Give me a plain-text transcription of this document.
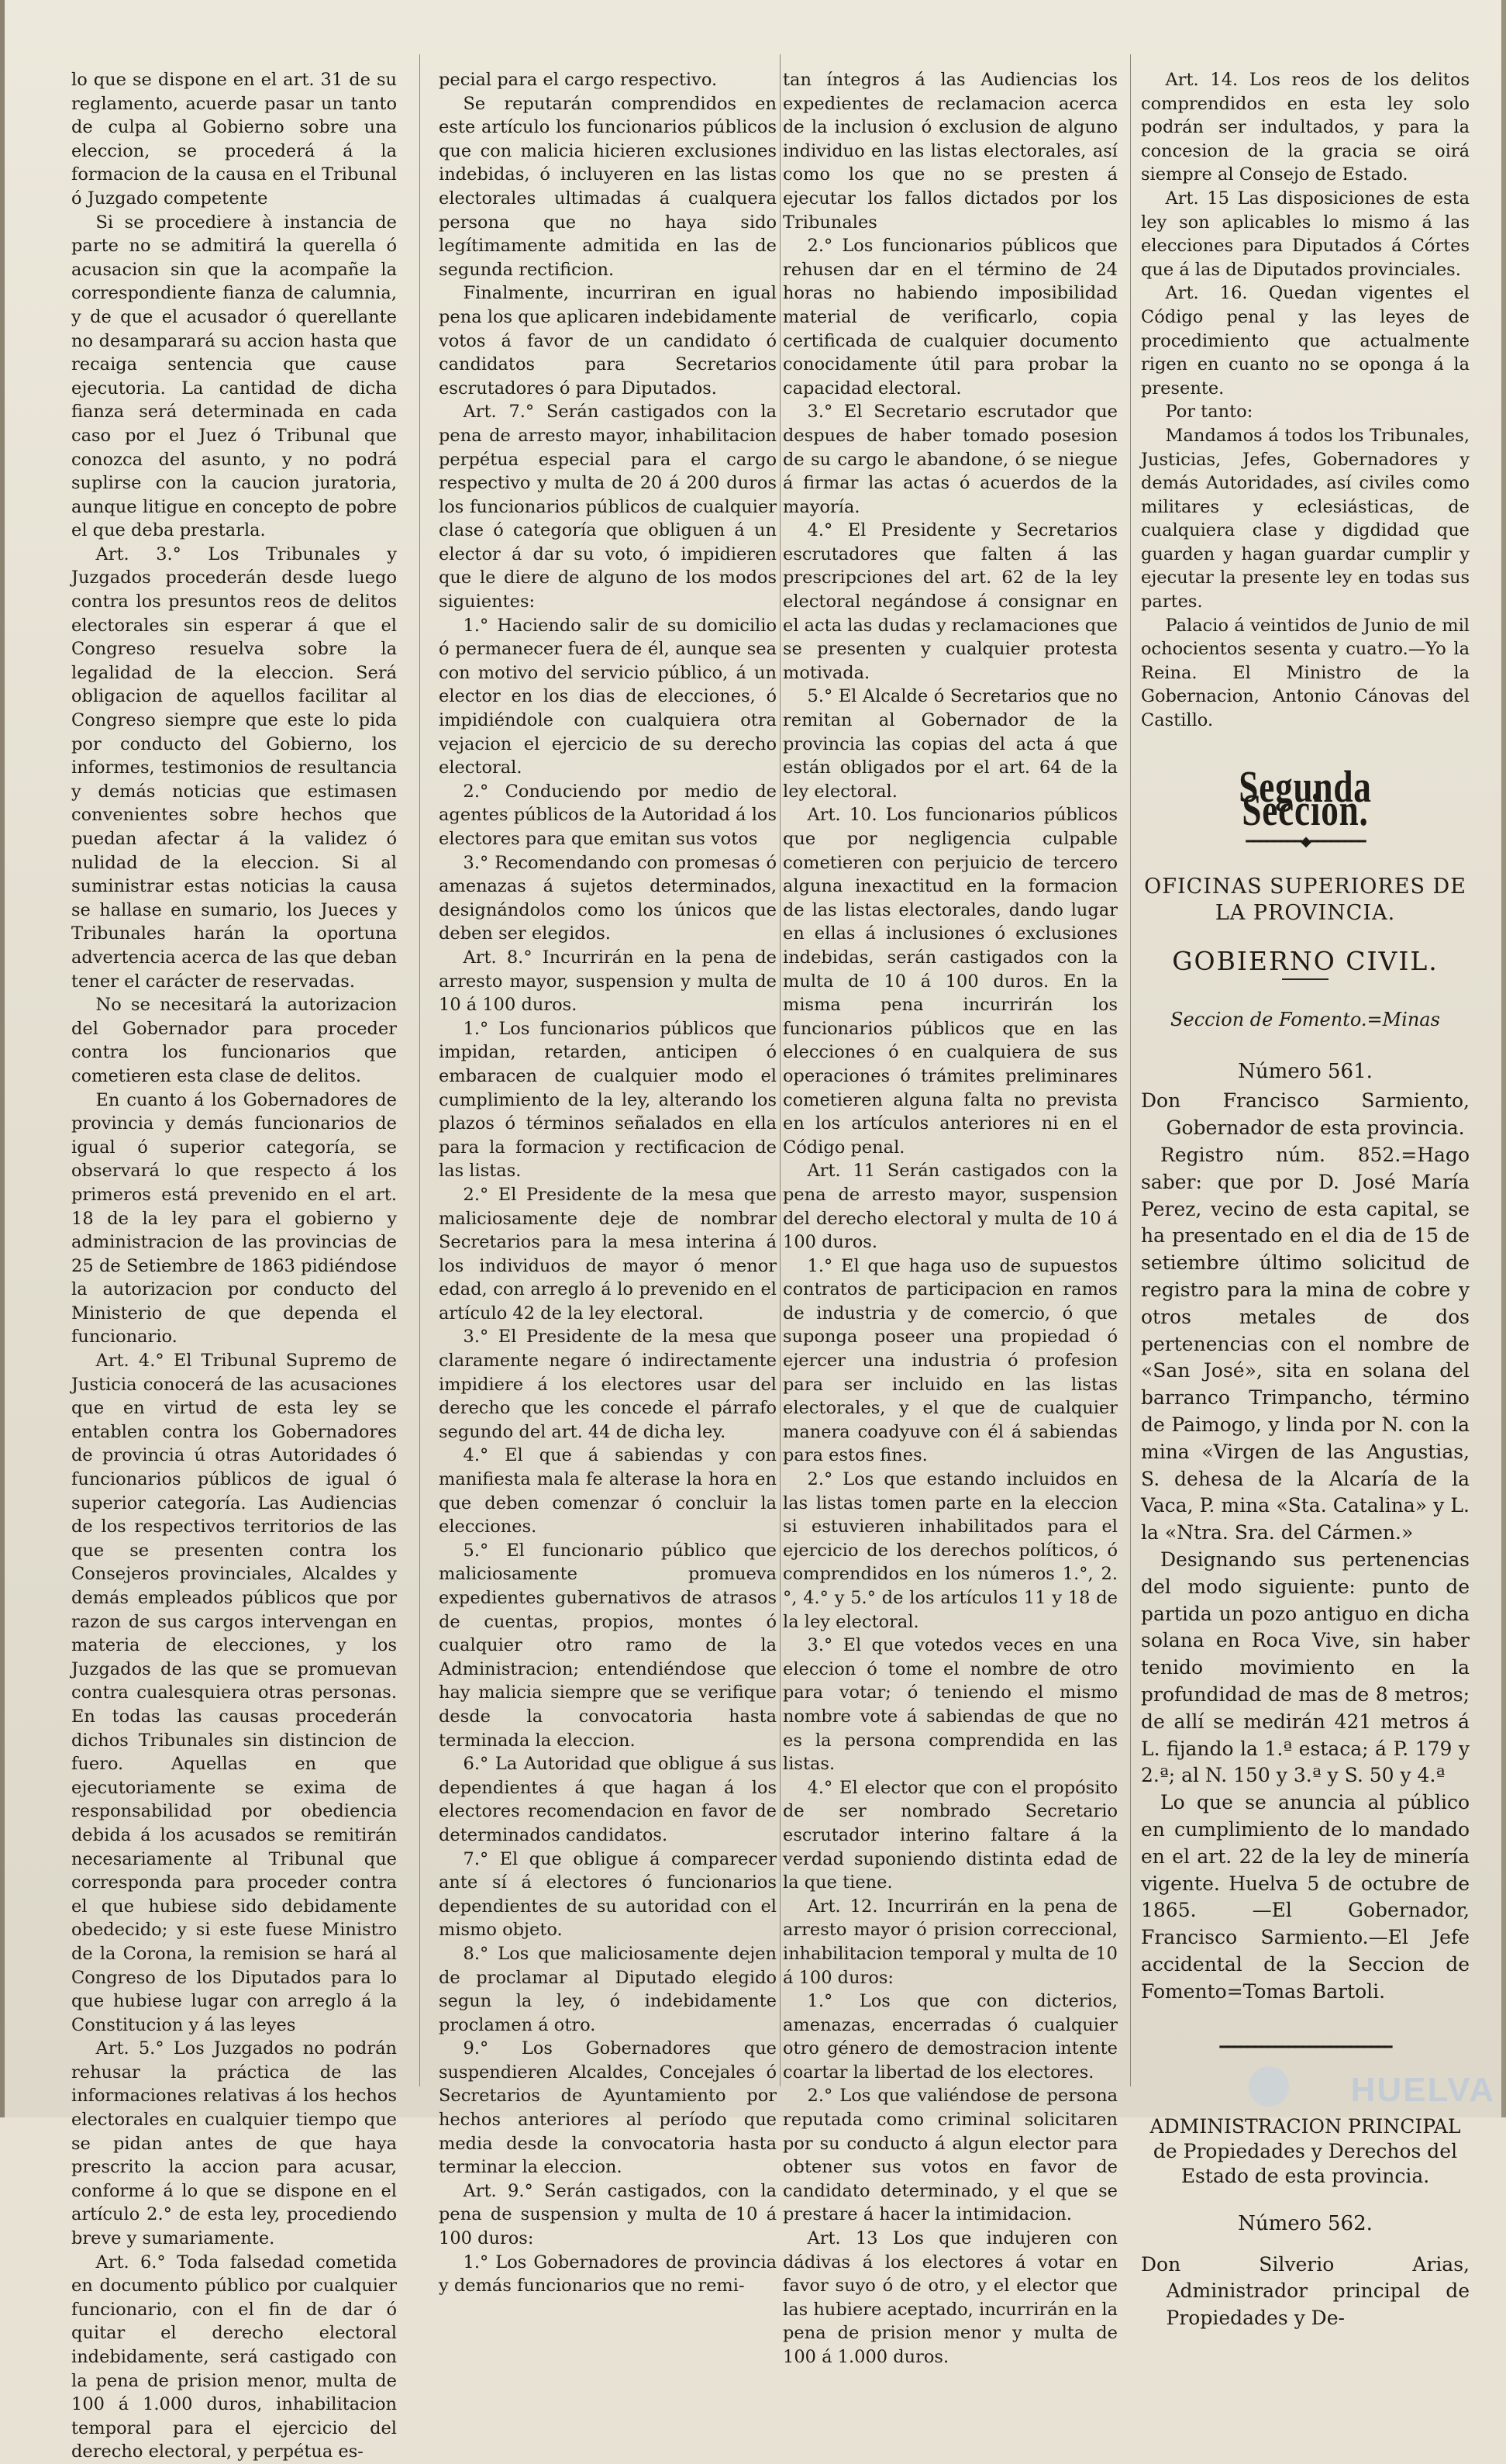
lo que se dispone en el art. 31 de su reglamento, acuerde pasar un tanto de culpa al Gobierno sobre una eleccion, se procederá á la formacion de la causa en el Tribunal ó Juzgado competente

Si se procediere à instancia de parte no se admitirá la querella ó acusacion sin que la acompañe la correspondiente fianza de calumnia, y de que el acusador ó querellante no desamparará su accion hasta que recaiga sentencia que cause ejecutoria. La cantidad de dicha fianza será determinada en cada caso por el Juez ó Tribunal que conozca del asunto, y no podrá suplirse con la caucion juratoria, aunque litigue en concepto de pobre el que deba prestarla.

Art. 3.° Los Tribunales y Juzgados procederán desde luego contra los presuntos reos de delitos electorales sin esperar á que el Congreso resuelva sobre la legalidad de la eleccion. Será obligacion de aquellos facilitar al Congreso siempre que este lo pida por conducto del Gobierno, los informes, testimonios de resultancia y demás noticias que estimasen convenientes sobre hechos que puedan afectar á la validez ó nulidad de la eleccion. Si al suministrar estas noticias la causa se hallase en sumario, los Jueces y Tribunales harán la oportuna advertencia acerca de las que deban tener el carácter de reservadas.

No se necesitará la autorizacion del Gobernador para proceder contra los funcionarios que cometieren esta clase de delitos.

En cuanto á los Gobernadores de provincia y demás funcionarios de igual ó superior categoría, se observará lo que respecto á los primeros está prevenido en el art. 18 de la ley para el gobierno y administracion de las provincias de 25 de Setiembre de 1863 pidiéndose la autorizacion por conducto del Ministerio de que dependa el funcionario.

Art. 4.° El Tribunal Supremo de Justicia conocerá de las acusaciones que en virtud de esta ley se entablen contra los Gobernadores de provincia ú otras Autoridades ó funcionarios públicos de igual ó superior categoría. Las Audiencias de los respectivos territorios de las que se presenten contra los Consejeros provinciales, Alcaldes y demás empleados públicos que por razon de sus cargos intervengan en materia de elecciones, y los Juzgados de las que se promuevan contra cualesquiera otras personas. En todas las causas procederán dichos Tribunales sin distincion de fuero. Aquellas en que ejecutoriamente se exima de responsabilidad por obediencia debida á los acusados se remitirán necesariamente al Tribunal que corresponda para proceder contra el que hubiese sido debidamente obedecido; y si este fuese Ministro de la Corona, la remision se hará al Congreso de los Diputados para lo que hubiese lugar con arreglo á la Constitucion y á las leyes

Art. 5.° Los Juzgados no podrán rehusar la práctica de las informaciones relativas á los hechos electorales en cualquier tiempo que se pidan antes de que haya prescrito la accion para acusar, conforme á lo que se dispone en el artículo 2.° de esta ley, procediendo breve y sumariamente.

Art. 6.° Toda falsedad cometida en documento público por cualquier funcionario, con el fin de dar ó quitar el derecho electoral indebidamente, será castigado con la pena de prision menor, multa de 100 á 1.000 duros, inhabilitacion temporal para el ejercicio del derecho electoral, y perpétua es-

pecial para el cargo respectivo.

Se reputarán comprendidos en este artículo los funcionarios públicos que con malicia hicieren exclusiones indebidas, ó incluyeren en las listas electorales ultimadas á cualquera persona que no haya sido legítimamente admitida en las de segunda rectificion.

Finalmente, incurriran en igual pena los que aplicaren indebidamente votos á favor de un candidato ó candidatos para Secretarios escrutadores ó para Diputados.

Art. 7.° Serán castigados con la pena de arresto mayor, inhabilitacion perpétua especial para el cargo respectivo y multa de 20 á 200 duros los funcionarios públicos de cualquier clase ó categoría que obliguen á un elector á dar su voto, ó impidieren que le diere de alguno de los modos siguientes:

1.° Haciendo salir de su domicilio ó permanecer fuera de él, aunque sea con motivo del servicio público, á un elector en los dias de elecciones, ó impidiéndole con cualquiera otra vejacion el ejercicio de su derecho electoral.

2.° Conduciendo por medio de agentes públicos de la Autoridad á los electores para que emitan sus votos

3.° Recomendando con promesas ó amenazas á sujetos determinados, designándolos como los únicos que deben ser elegidos.

Art. 8.° Incurrirán en la pena de arresto mayor, suspension y multa de 10 á 100 duros.

1.° Los funcionarios públicos que impidan, retarden, anticipen ó embaracen de cualquier modo el cumplimiento de la ley, alterando los plazos ó términos señalados en ella para la formacion y rectificacion de las listas.

2.° El Presidente de la mesa que maliciosamente deje de nombrar Secretarios para la mesa interina á los individuos de mayor ó menor edad, con arreglo á lo prevenido en el artículo 42 de la ley electoral.

3.° El Presidente de la mesa que claramente negare ó indirectamente impidiere á los electores usar del derecho que les concede el párrafo segundo del art. 44 de dicha ley.

4.° El que á sabiendas y con manifiesta mala fe alterase la hora en que deben comenzar ó concluir la elecciones.

5.° El funcionario público que maliciosamente promueva expedientes gubernativos de atrasos de cuentas, propios, montes ó cualquier otro ramo de la Administracion; entendiéndose que hay malicia siempre que se verifique desde la convocatoria hasta terminada la eleccion.

6.° La Autoridad que obligue á sus dependientes á que hagan á los electores recomendacion en favor de determinados candidatos.

7.° El que obligue á comparecer ante sí á electores ó funcionarios dependientes de su autoridad con el mismo objeto.

8.° Los que maliciosamente dejen de proclamar al Diputado elegido segun la ley, ó indebidamente proclamen á otro.

9.° Los Gobernadores que suspendieren Alcaldes, Concejales ó Secretarios de Ayuntamiento por hechos anteriores al período que media desde la convocatoria hasta terminar la eleccion.

Art. 9.° Serán castigados, con la pena de suspension y multa de 10 á 100 duros:

1.° Los Gobernadores de provincia y demás funcionarios que no remi-

tan íntegros á las Audiencias los expedientes de reclamacion acerca de la inclusion ó exclusion de alguno individuo en las listas electorales, así como los que no se presten á ejecutar los fallos dictados por los Tribunales

2.° Los funcionarios públicos que rehusen dar en el término de 24 horas no habiendo imposibilidad material de verificarlo, copia certificada de cualquier documento conocidamente útil para probar la capacidad electoral.

3.° El Secretario escrutador que despues de haber tomado posesion de su cargo le abandone, ó se niegue á firmar las actas ó acuerdos de la mayoría.

4.° El Presidente y Secretarios escrutadores que falten á las prescripciones del art. 62 de la ley electoral negándose á consignar en el acta las dudas y reclamaciones que se presenten y cualquier protesta motivada.

5.° El Alcalde ó Secretarios que no remitan al Gobernador de la provincia las copias del acta á que están obligados por el art. 64 de la ley electoral.

Art. 10. Los funcionarios públicos que por negligencia culpable cometieren con perjuicio de tercero alguna inexactitud en la formacion de las listas electorales, dando lugar en ellas á inclusiones ó exclusiones indebidas, serán castigados con la multa de 10 á 100 duros. En la misma pena incurrirán los funcionarios públicos que en las elecciones ó en cualquiera de sus operaciones ó trámites preliminares cometieren alguna falta no prevista en los artículos anteriores ni en el Código penal.

Art. 11 Serán castigados con la pena de arresto mayor, suspension del derecho electoral y multa de 10 á 100 duros.

1.° El que haga uso de supuestos contratos de participacion en ramos de industria y de comercio, ó que suponga poseer una propiedad ó ejercer una industria ó profesion para ser incluido en las listas electorales, y el que de cualquier manera coadyuve con él á sabiendas para estos fines.

2.° Los que estando incluidos en las listas tomen parte en la eleccion si estuvieren inhabilitados para el ejercicio de los derechos políticos, ó comprendidos en los números 1.°, 2.°, 4.° y 5.° de los artículos 11 y 18 de la ley electoral.

3.° El que votedos veces en una eleccion ó tome el nombre de otro para votar; ó teniendo el mismo nombre vote á sabiendas de que no es la persona comprendida en las listas.

4.° El elector que con el propósito de ser nombrado Secretario escrutador interino faltare á la verdad suponiendo distinta edad de la que tiene.

Art. 12. Incurrirán en la pena de arresto mayor ó prision correccional, inhabilitacion temporal y multa de 10 á 100 duros:

1.° Los que con dicterios, amenazas, encerradas ó cualquier otro género de demostracion intente coartar la libertad de los electores.

2.° Los que valiéndose de persona reputada como criminal solicitaren por su conducto á algun elector para obtener sus votos en favor de candidato determinado, y el que se prestare á hacer la intimidacion.

Art. 13 Los que indujeren con dádivas á los electores á votar en favor suyo ó de otro, y el elector que las hubiere aceptado, incurrirán en la pena de prision menor y multa de 100 á 1.000 duros.

Art. 14. Los reos de los delitos comprendidos en esta ley solo podrán ser indultados, y para la concesion de la gracia se oirá siempre al Consejo de Estado.

Art. 15 Las disposiciones de esta ley son aplicables lo mismo á las elecciones para Diputados á Córtes que á las de Diputados provinciales.

Art. 16. Quedan vigentes el Código penal y las leyes de procedimiento que actualmente rigen en cuanto no se oponga á la presente.

Por tanto:

Mandamos á todos los Tribunales, Justicias, Jefes, Gobernadores y demás Autoridades, así civiles como militares y eclesiásticas, de cualquiera clase y digdidad que guarden y hagan guardar cumplir y ejecutar la presente ley en todas sus partes.

Palacio á veintidos de Junio de mil ochocientos sesenta y cuatro.—Yo la Reina. El Ministro de la Gobernacion, Antonio Cánovas del Castillo.

Segunda Seccion.
━━━━━━━━◆━━━━━━━━
OFICINAS SUPERIORES DE LA PROVINCIA.
GOBIERNO CIVIL.
Seccion de Fomento.=Minas
Número 561.

Don Francisco Sarmiento, Gobernador de esta provincia.

Registro núm. 852.=Hago saber: que por D. José María Perez, vecino de esta capital, se ha presentado en el dia de 15 de setiembre último solicitud de registro para la mina de cobre y otros metales de dos pertenencias con el nombre de «San José», sita en solana del barranco Trimpancho, término de Paimogo, y linda por N. con la mina «Virgen de las Angustias, S. dehesa de la Alcaría de la Vaca, P. mina «Sta. Catalina» y L. la «Ntra. Sra. del Cármen.»

Designando sus pertenencias del modo siguiente: punto de partida un pozo antiguo en dicha solana en Roca Vive, sin haber tenido movimiento en la profundidad de mas de 8 metros; de allí se medirán 421 metros á L. fijando la 1.ª estaca; á P. 179 y 2.ª; al N. 150 y 3.ª y S. 50 y 4.ª

Lo que se anuncia al público en cumplimiento de lo mandado en el art. 22 de la ley de minería vigente. Huelva 5 de octubre de 1865. —El Gobernador, Francisco Sarmiento.—El Jefe accidental de la Seccion de Fomento=Tomas Bartoli.

━━━━━━━━━━━━━━━━━━━━━━━━━
ADMINISTRACION PRINCIPAL de Propiedades y Derechos del Estado de esta provincia.
Número 562.

Don Silverio Arias, Administrador principal de Propiedades y De-

HUELVA
